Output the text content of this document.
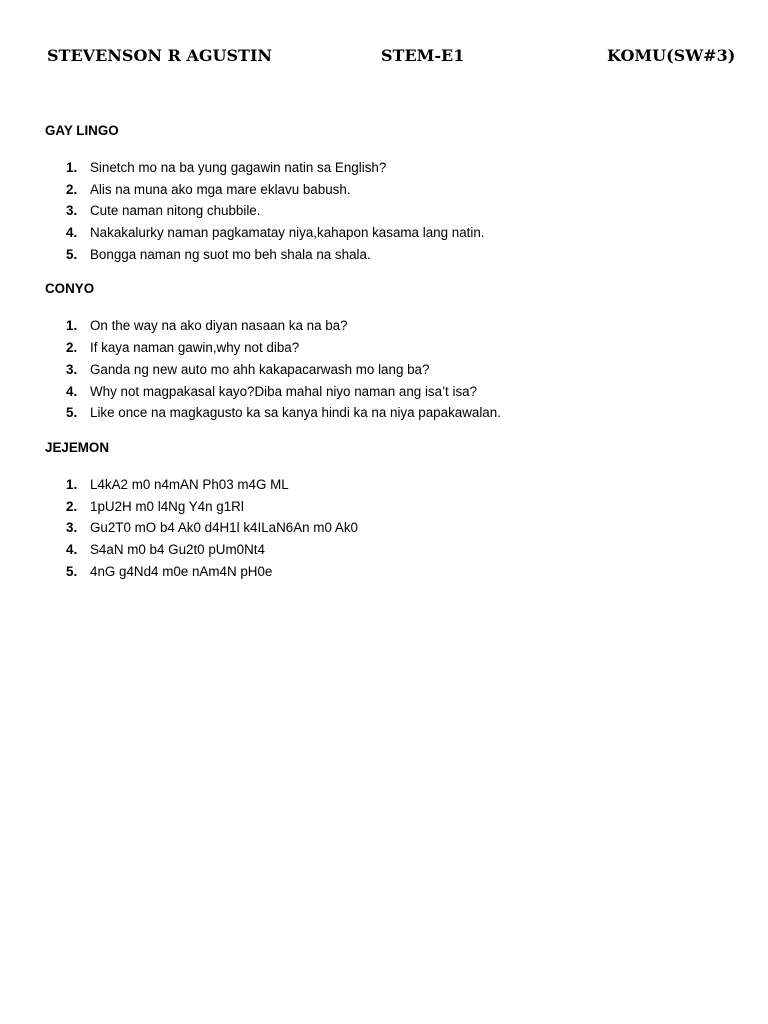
STEVENSON R AGUSTIN	STEM-E1	KOMU(SW#3)

GAY LINGO

1. Sinetch mo na ba yung gagawin natin sa English?
2. Alis na muna ako mga mare eklavu babush.
3. Cute naman nitong chubbile.
4. Nakakalurky naman pagkamatay niya,kahapon kasama lang natin.
5. Bongga naman ng suot mo beh shala na shala.

CONYO

1. On the way na ako diyan nasaan ka na ba?
2. If kaya naman gawin,why not diba?
3. Ganda ng new auto mo ahh kakapacarwash mo lang ba?
4. Why not magpakasal kayo?Diba mahal niyo naman ang isa’t isa?
5. Like once na magkagusto ka sa kanya hindi ka na niya papakawalan.

JEJEMON

1. L4kA2 m0 n4mAN Ph03 m4G ML
2. 1pU2H m0 l4Ng Y4n g1Rl
3. Gu2T0 mO b4 Ak0 d4H1l k4ILaN6An m0 Ak0
4. S4aN m0 b4 Gu2t0 pUm0Nt4
5. 4nG g4Nd4 m0e nAm4N pH0e
